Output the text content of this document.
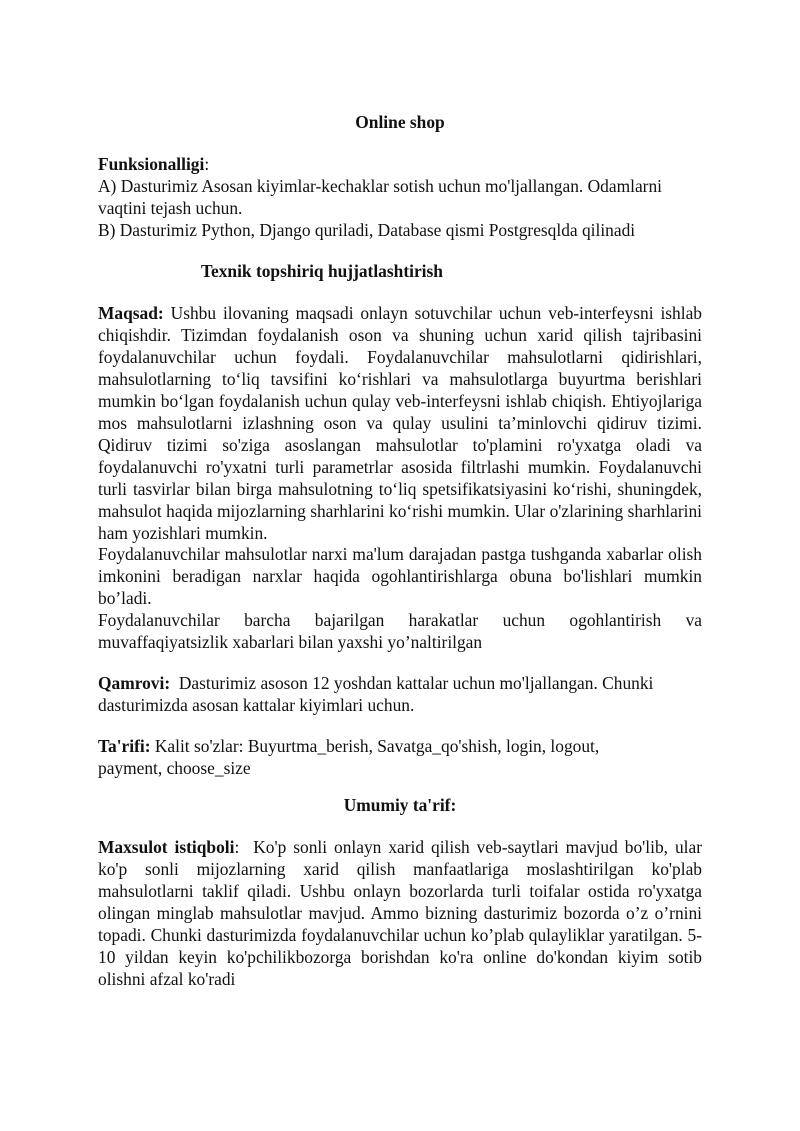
Online shop

Funksionalligi:

A) Dasturimiz Asosan kiyimlar-kechaklar sotish uchun mo'ljallangan. Odamlarni vaqtini tejash uchun.

B) Dasturimiz Python, Django quriladi, Database qismi Postgresqlda qilinadi

Texnik topshiriq hujjatlashtirish

Maqsad: Ushbu ilovaning maqsadi onlayn sotuvchilar uchun veb-interfeysni ishlab chiqishdir. Tizimdan foydalanish oson va shuning uchun xarid qilish tajribasini foydalanuvchilar uchun foydali. Foydalanuvchilar mahsulotlarni qidirishlari, mahsulotlarning to‘liq tavsifini ko‘rishlari va mahsulotlarga buyurtma berishlari mumkin bo‘lgan foydalanish uchun qulay veb-interfeysni ishlab chiqish. Ehtiyojlariga mos mahsulotlarni izlashning oson va qulay usulini ta’minlovchi qidiruv tizimi. Qidiruv tizimi so'ziga asoslangan mahsulotlar to'plamini ro'yxatga oladi va foydalanuvchi ro'yxatni turli parametrlar asosida filtrlashi mumkin. Foydalanuvchi turli tasvirlar bilan birga mahsulotning to‘liq spetsifikatsiyasini ko‘rishi, shuningdek, mahsulot haqida mijozlarning sharhlarini ko‘rishi mumkin. Ular o'zlarining sharhlarini ham yozishlari mumkin.

Foydalanuvchilar mahsulotlar narxi ma'lum darajadan pastga tushganda xabarlar olish imkonini beradigan narxlar haqida ogohlantirishlarga obuna bo'lishlari mumkin bo’ladi.

Foydalanuvchilar barcha bajarilgan harakatlar uchun ogohlantirish va muvaffaqiyatsizlik xabarlari bilan yaxshi yo’naltirilgan

Qamrovi: Dasturimiz asoson 12 yoshdan kattalar uchun mo'ljallangan. Chunki dasturimizda asosan kattalar kiyimlari uchun.

Ta'rifi: Kalit so'zlar: Buyurtma_berish, Savatga_qo'shish, login, logout,

payment, choose_size

Umumiy ta'rif:

Maxsulot istiqboli: Ko'p sonli onlayn xarid qilish veb-saytlari mavjud bo'lib, ular ko'p sonli mijozlarning xarid qilish manfaatlariga moslashtirilgan ko'plab mahsulotlarni taklif qiladi. Ushbu onlayn bozorlarda turli toifalar ostida ro'yxatga olingan minglab mahsulotlar mavjud. Ammo bizning dasturimiz bozorda o’z o’rnini topadi. Chunki dasturimizda foydalanuvchilar uchun ko’plab qulayliklar yaratilgan. 5-10 yildan keyin ko'pchilikbozorga borishdan ko'ra online do'kondan kiyim sotib olishni afzal ko'radi
